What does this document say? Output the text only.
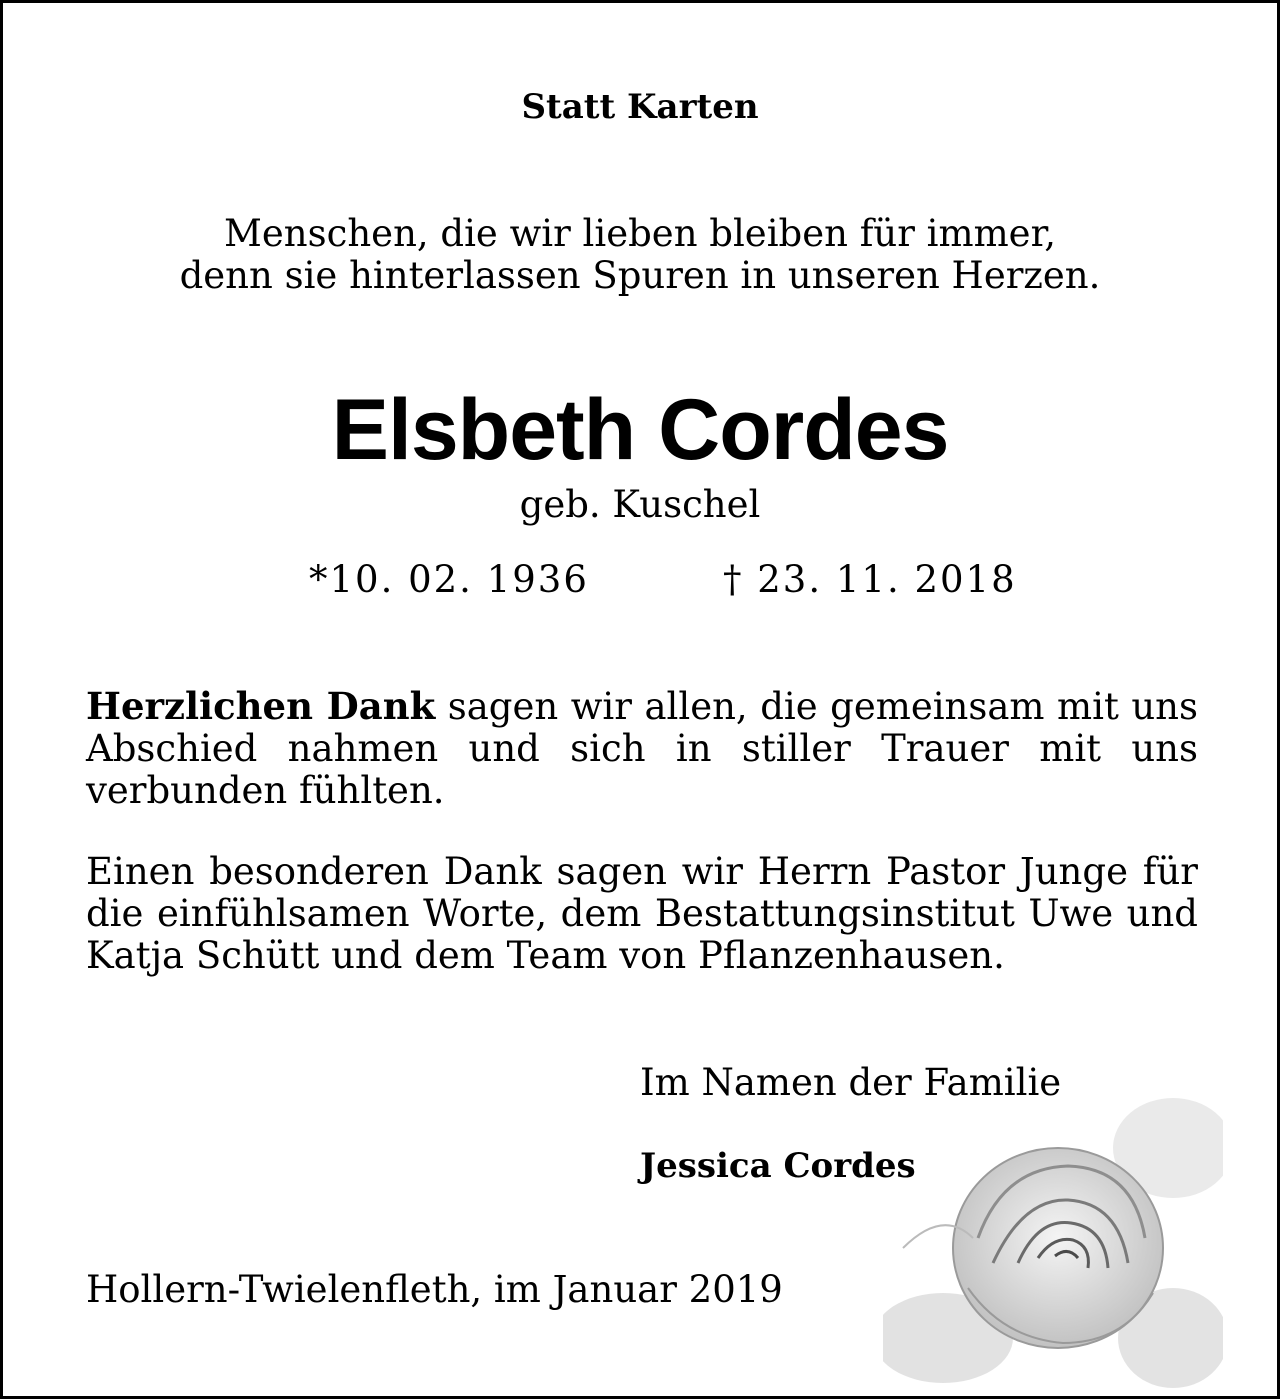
Statt Karten
Menschen, die wir lieben bleiben für immer,
denn sie hinterlassen Spuren in unseren Herzen.
Elsbeth Cordes
geb. Kuschel
*10. 02. 1936	† 23. 11. 2018
Herzlichen Dank sagen wir allen, die gemeinsam mit uns Abschied nahmen und sich in stiller Trauer mit uns verbunden fühlten.
Einen besonderen Dank sagen wir Herrn Pastor Junge für die einfühlsamen Worte, dem Bestattungsinstitut Uwe und Katja Schütt und dem Team von Pflanzenhausen.
Im Namen der Familie
Jessica Cordes
Hollern-Twielenfleth, im Januar 2019
